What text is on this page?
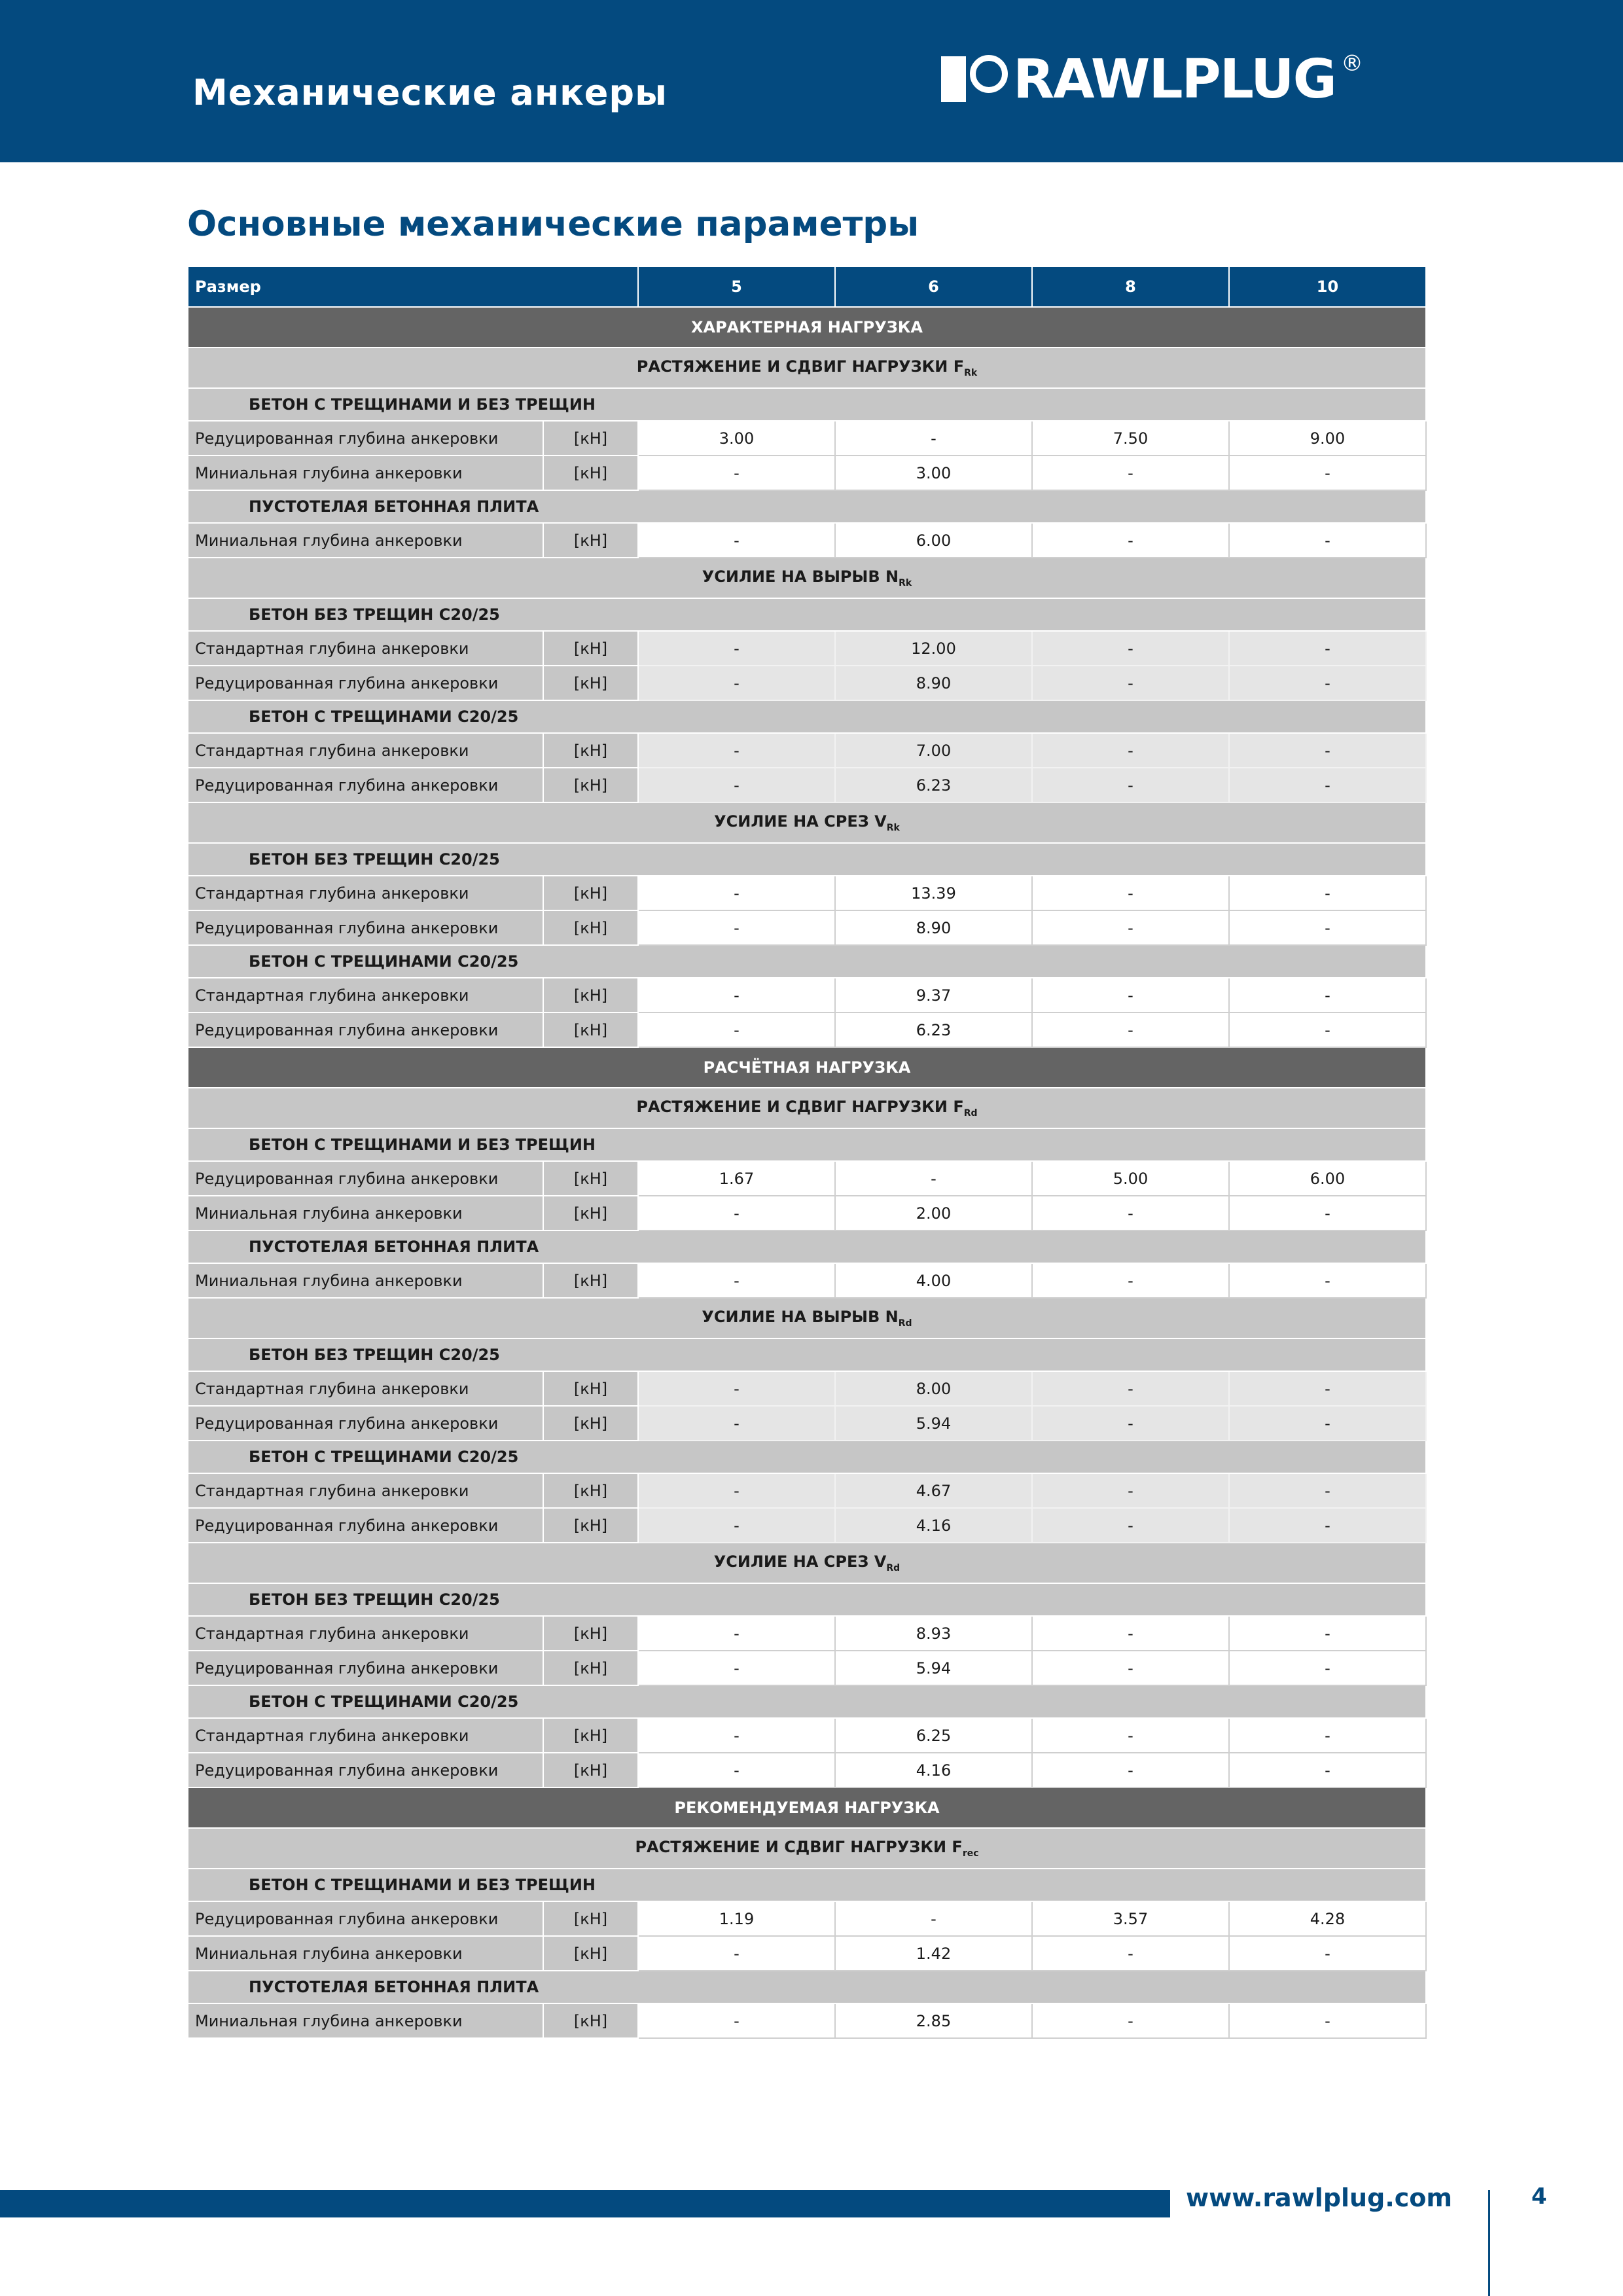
Механические анкеры	RAWLPLUG ®
Основные механические параметры
Размер		5	6	8	10
ХАРАКТЕРНАЯ НАГРУЗКА					
РАСТЯЖЕНИЕ И СДВИГ НАГРУЗКИ $F_{Rk}$
БЕТОН С ТРЕЩИНАМИ И БЕЗ ТРЕЩИН					
Редуцированная глубина анкеровки	[кН]	3.00	-	7.50	9.00
Миниальная глубина анкеровки	[кН]	-	3.00	-	-
ПУСТОТЕЛАЯ БЕТОННАЯ ПЛИТА					
Миниальная глубина анкеровки	[кН]	-	6.00	-	-
УСИЛИЕ НА ВЫРЫВ $N_{Rk}$
БЕТОН БЕЗ ТРЕЩИН C20/25					
Стандартная глубина анкеровки	[кН]	-	12.00	-	-
Редуцированная глубина анкеровки	[кН]	-	8.90	-	-
БЕТОН С ТРЕЩИНАМИ C20/25					
Стандартная глубина анкеровки	[кН]	-	7.00	-	-
Редуцированная глубина анкеровки	[кН]	-	6.23	-	-
УСИЛИЕ НА СРЕЗ $V_{Rk}$
БЕТОН БЕЗ ТРЕЩИН C20/25					
Стандартная глубина анкеровки	[кН]	-	13.39	-	-
Редуцированная глубина анкеровки	[кН]	-	8.90	-	-
БЕТОН С ТРЕЩИНАМИ C20/25					
Стандартная глубина анкеровки	[кН]	-	9.37	-	-
Редуцированная глубина анкеровки	[кН]	-	6.23	-	-
РАСЧЁТНАЯ НАГРУЗКА					
РАСТЯЖЕНИЕ И СДВИГ НАГРУЗКИ $F_{Rd}$
БЕТОН С ТРЕЩИНАМИ И БЕЗ ТРЕЩИН					
Редуцированная глубина анкеровки	[кН]	1.67	-	5.00	6.00
Миниальная глубина анкеровки	[кН]	-	2.00	-	-
ПУСТОТЕЛАЯ БЕТОННАЯ ПЛИТА					
Миниальная глубина анкеровки	[кН]	-	4.00	-	-
УСИЛИЕ НА ВЫРЫВ $N_{Rd}$
БЕТОН БЕЗ ТРЕЩИН C20/25					
Стандартная глубина анкеровки	[кН]	-	8.00	-	-
Редуцированная глубина анкеровки	[кН]	-	5.94	-	-
БЕТОН С ТРЕЩИНАМИ C20/25					
Стандартная глубина анкеровки	[кН]	-	4.67	-	-
Редуцированная глубина анкеровки	[кН]	-	4.16	-	-
УСИЛИЕ НА СРЕЗ $V_{Rd}$
БЕТОН БЕЗ ТРЕЩИН C20/25					
Стандартная глубина анкеровки	[кН]	-	8.93	-	-
Редуцированная глубина анкеровки	[кН]	-	5.94	-	-
БЕТОН С ТРЕЩИНАМИ C20/25					
Стандартная глубина анкеровки	[кН]	-	6.25	-	-
Редуцированная глубина анкеровки	[кН]	-	4.16	-	-
РЕКОМЕНДУЕМАЯ НАГРУЗКА					
РАСТЯЖЕНИЕ И СДВИГ НАГРУЗКИ $F_{rec}$
БЕТОН С ТРЕЩИНАМИ И БЕЗ ТРЕЩИН					
Редуцированная глубина анкеровки	[кН]	1.19	-	3.57	4.28
Миниальная глубина анкеровки	[кН]	-	1.42	-	-
ПУСТОТЕЛАЯ БЕТОННАЯ ПЛИТА					
Миниальная глубина анкеровки	[кН]	-	2.85	-	-
www.rawlplug.com	4
